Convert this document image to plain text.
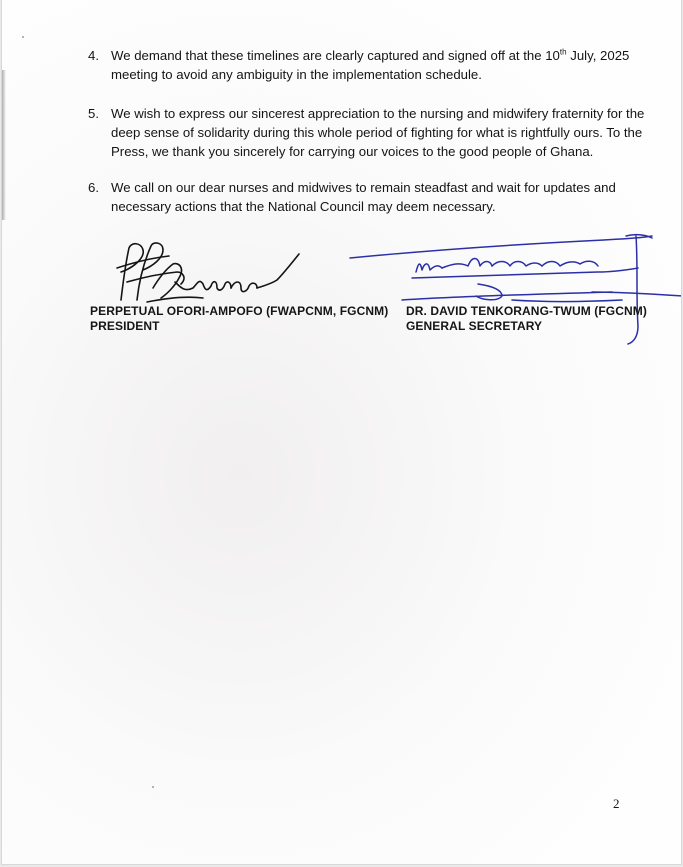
4. We demand that these timelines are clearly captured and signed off at the 10th July, 2025 meeting to avoid any ambiguity in the implementation schedule.
5. We wish to express our sincerest appreciation to the nursing and midwifery fraternity for the deep sense of solidarity during this whole period of fighting for what is rightfully ours. To the Press, we thank you sincerely for carrying our voices to the good people of Ghana.
6. We call on our dear nurses and midwives to remain steadfast and wait for updates and necessary actions that the National Council may deem necessary.
PERPETUAL OFORI-AMPOFO (FWAPCNM, FGCNM)
PRESIDENT
DR. DAVID TENKORANG-TWUM (FGCNM)
GENERAL SECRETARY
2
